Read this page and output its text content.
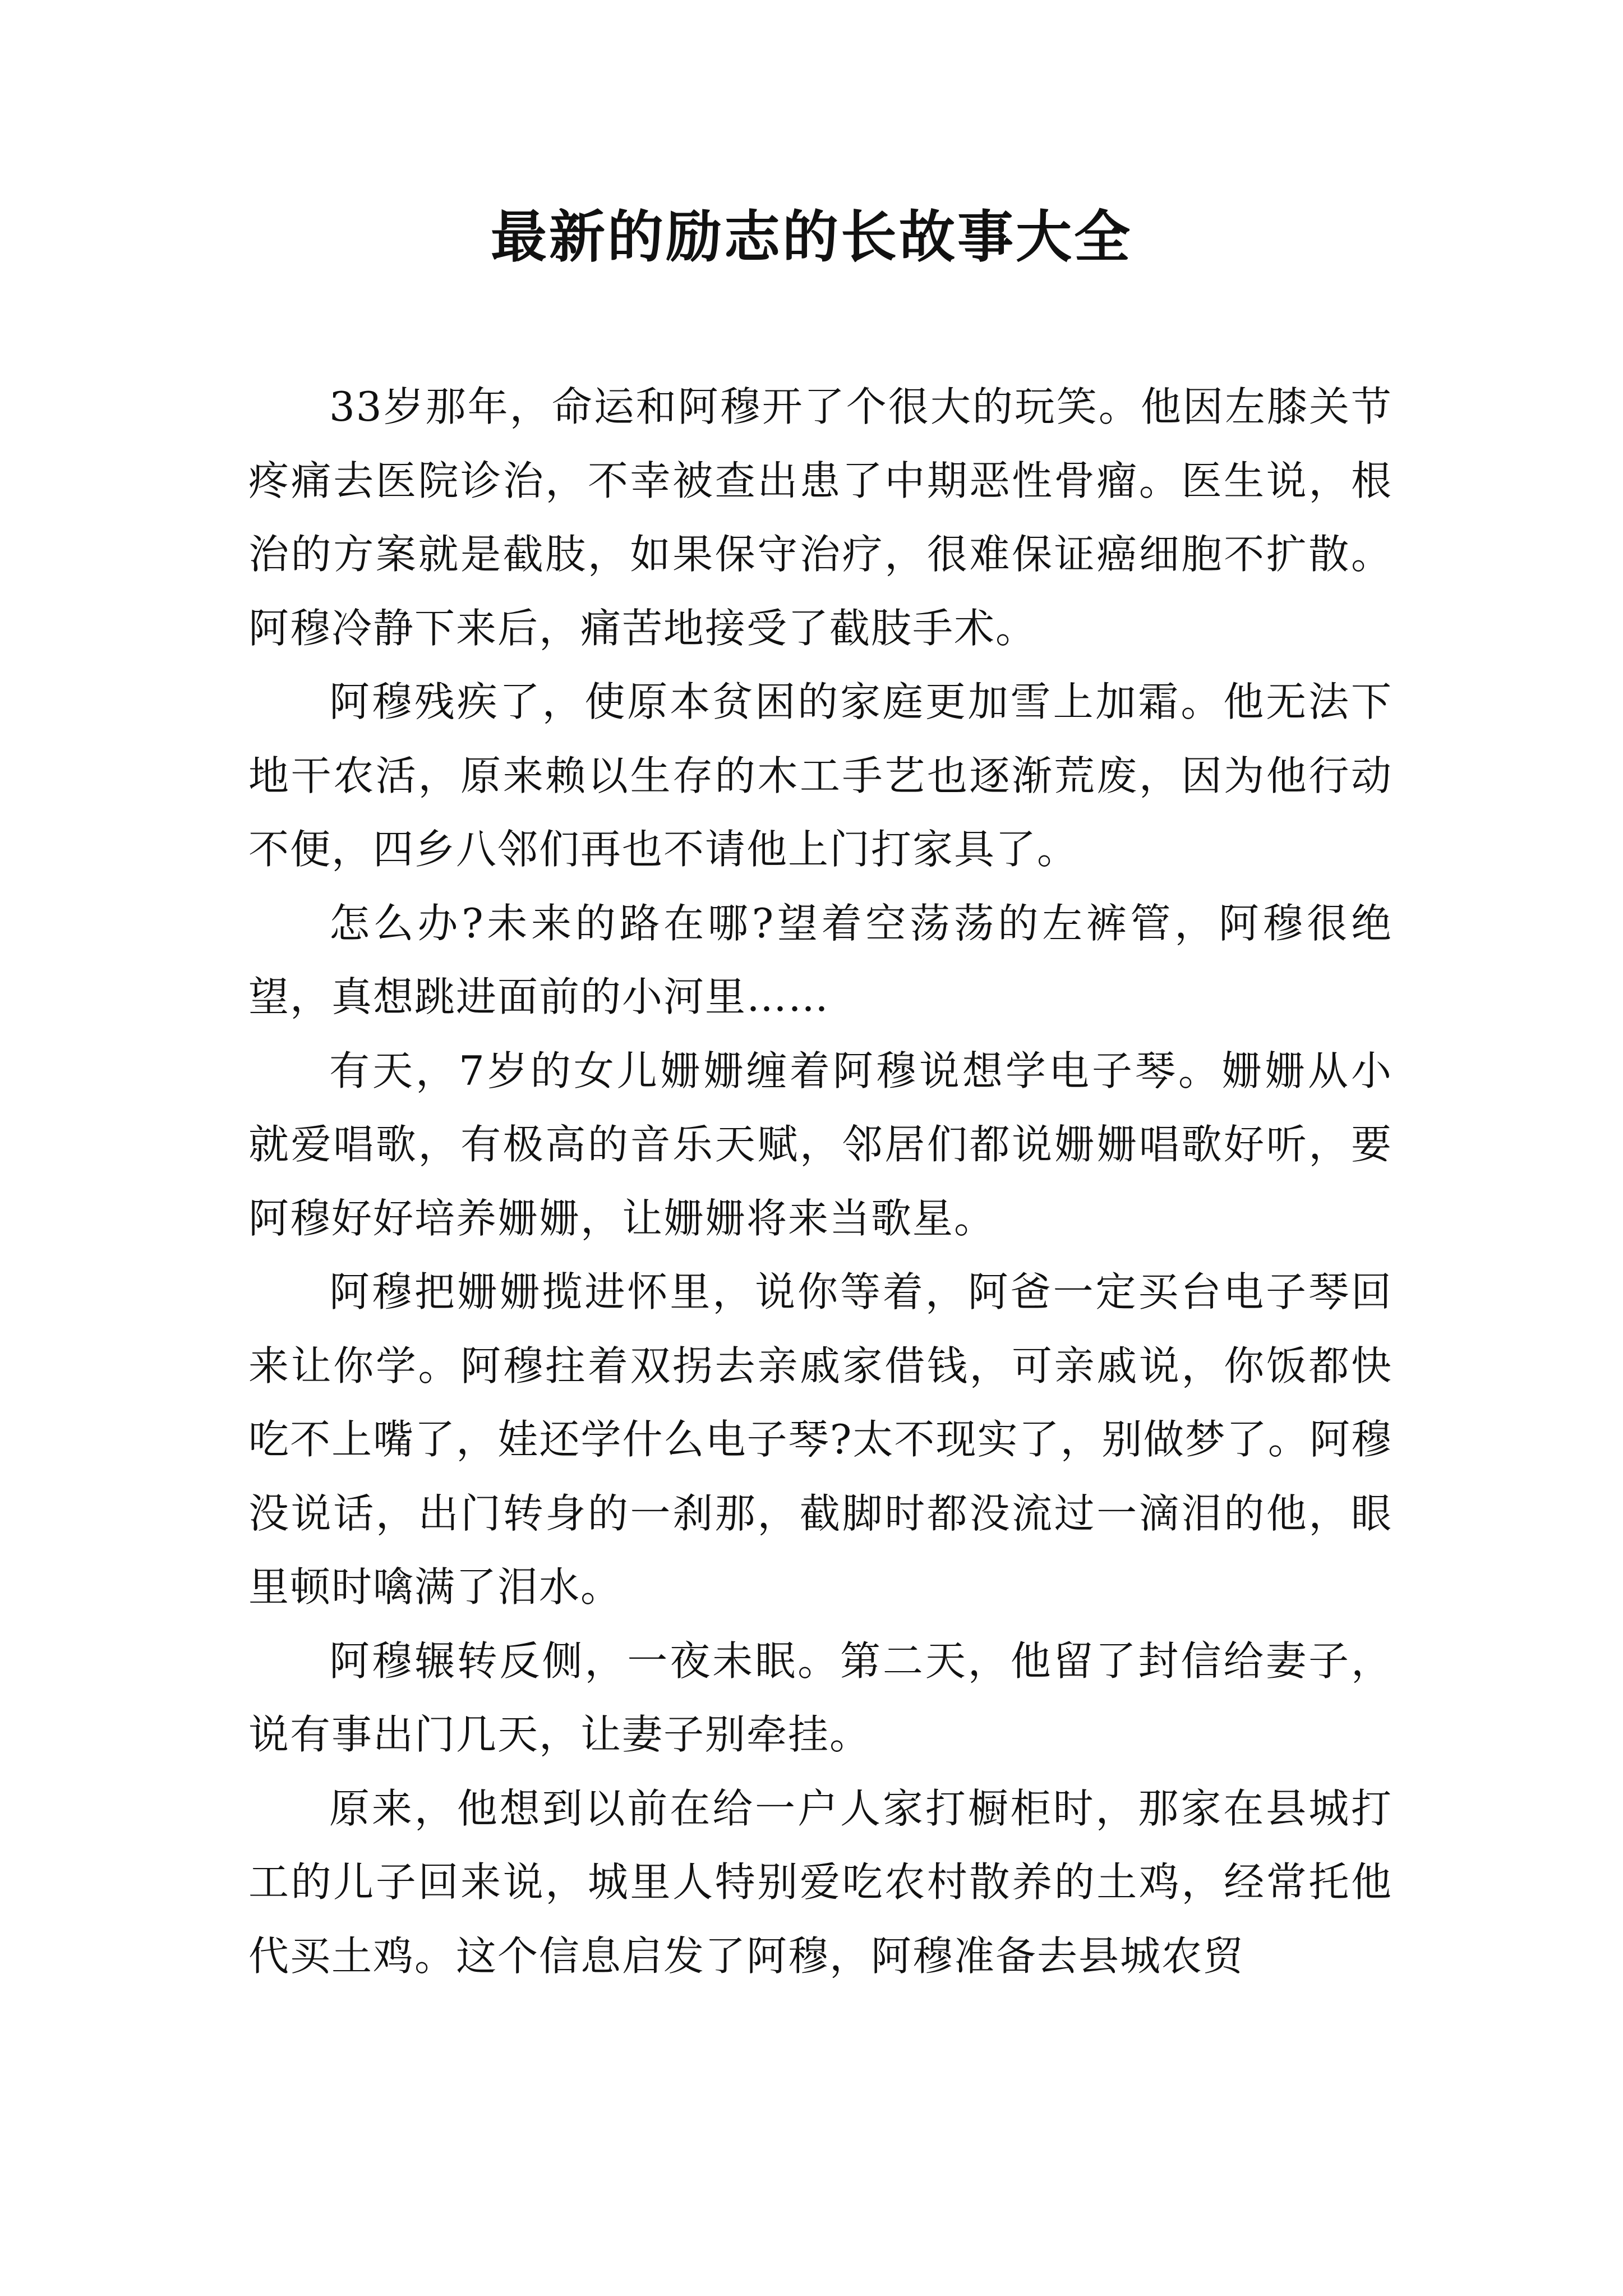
最新的励志的长故事大全

33岁那年，命运和阿穆开了个很大的玩笑。他因左膝关节疼痛去医院诊治，不幸被查出患了中期恶性骨瘤。医生说，根治的方案就是截肢，如果保守治疗，很难保证癌细胞不扩散。阿穆冷静下来后，痛苦地接受了截肢手术。

阿穆残疾了，使原本贫困的家庭更加雪上加霜。他无法下地干农活，原来赖以生存的木工手艺也逐渐荒废，因为他行动不便，四乡八邻们再也不请他上门打家具了。

怎么办?未来的路在哪?望着空荡荡的左裤管，阿穆很绝望，真想跳进面前的小河里……

有天，7岁的女儿姗姗缠着阿穆说想学电子琴。姗姗从小就爱唱歌，有极高的音乐天赋，邻居们都说姗姗唱歌好听，要阿穆好好培养姗姗，让姗姗将来当歌星。

阿穆把姗姗揽进怀里，说你等着，阿爸一定买台电子琴回来让你学。阿穆拄着双拐去亲戚家借钱，可亲戚说，你饭都快吃不上嘴了，娃还学什么电子琴?太不现实了，别做梦了。阿穆没说话，出门转身的一刹那，截脚时都没流过一滴泪的他，眼里顿时噙满了泪水。

阿穆辗转反侧，一夜未眠。第二天，他留了封信给妻子，说有事出门几天，让妻子别牵挂。

原来，他想到以前在给一户人家打橱柜时，那家在县城打工的儿子回来说，城里人特别爱吃农村散养的土鸡，经常托他代买土鸡。这个信息启发了阿穆，阿穆准备去县城农贸
